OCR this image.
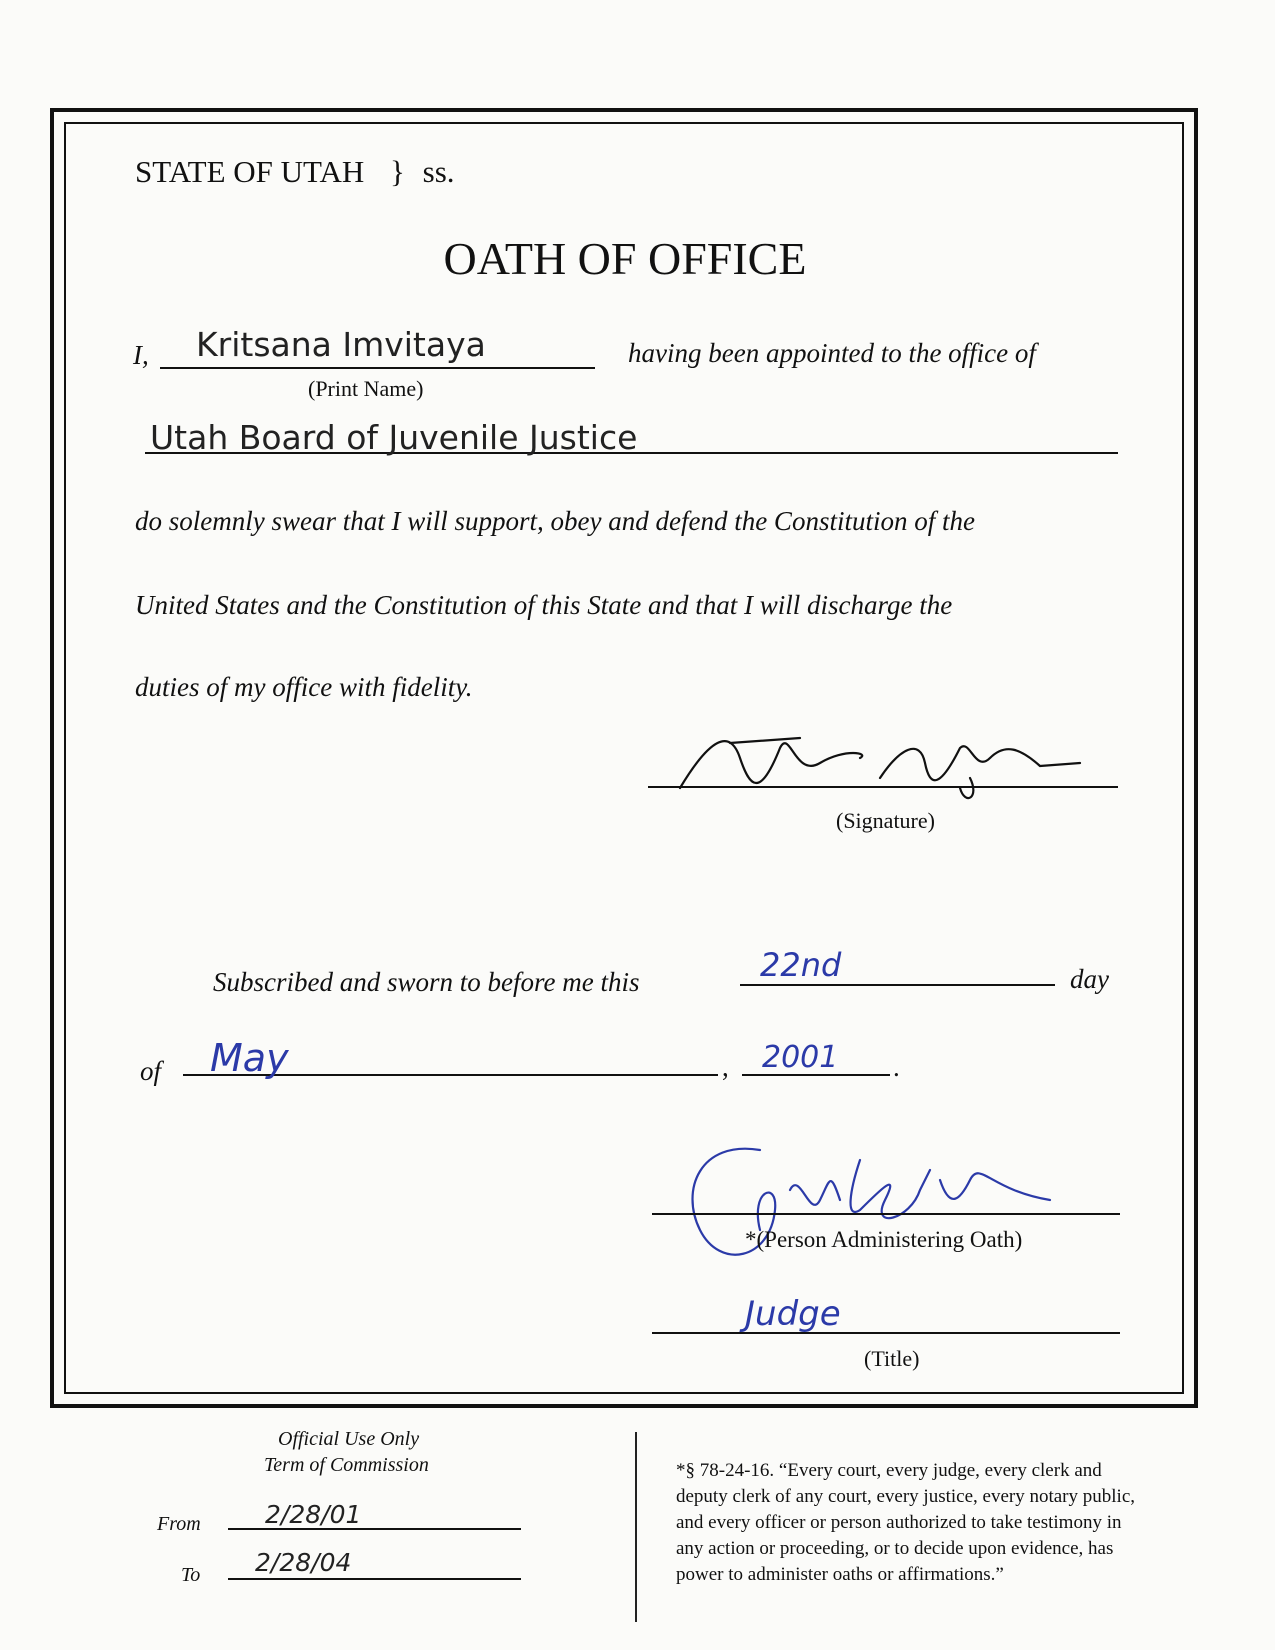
STATE OF UTAH } ss.
OATH OF OFFICE
I, Kritsana Imvitaya
(Print Name)
having been appointed to the office of
Utah Board of Juvenile Justice
do solemnly swear that I will support, obey and defend the Constitution of the
United States and the Constitution of this State and that I will discharge the
duties of my office with fidelity.
(Signature)
Subscribed and sworn to before me this	22nd	day
of May	, 2001 .
*(Person Administering Oath)
Judge
(Title)
Official Use Only
Term of Commission
From	2/28/01
To 2/28/04
*§ 78-24-16. “Every court, every judge, every clerk and
deputy clerk of any court, every justice, every notary public,
and every officer or person authorized to take testimony in
any action or proceeding, or to decide upon evidence, has
power to administer oaths or affirmations.”
